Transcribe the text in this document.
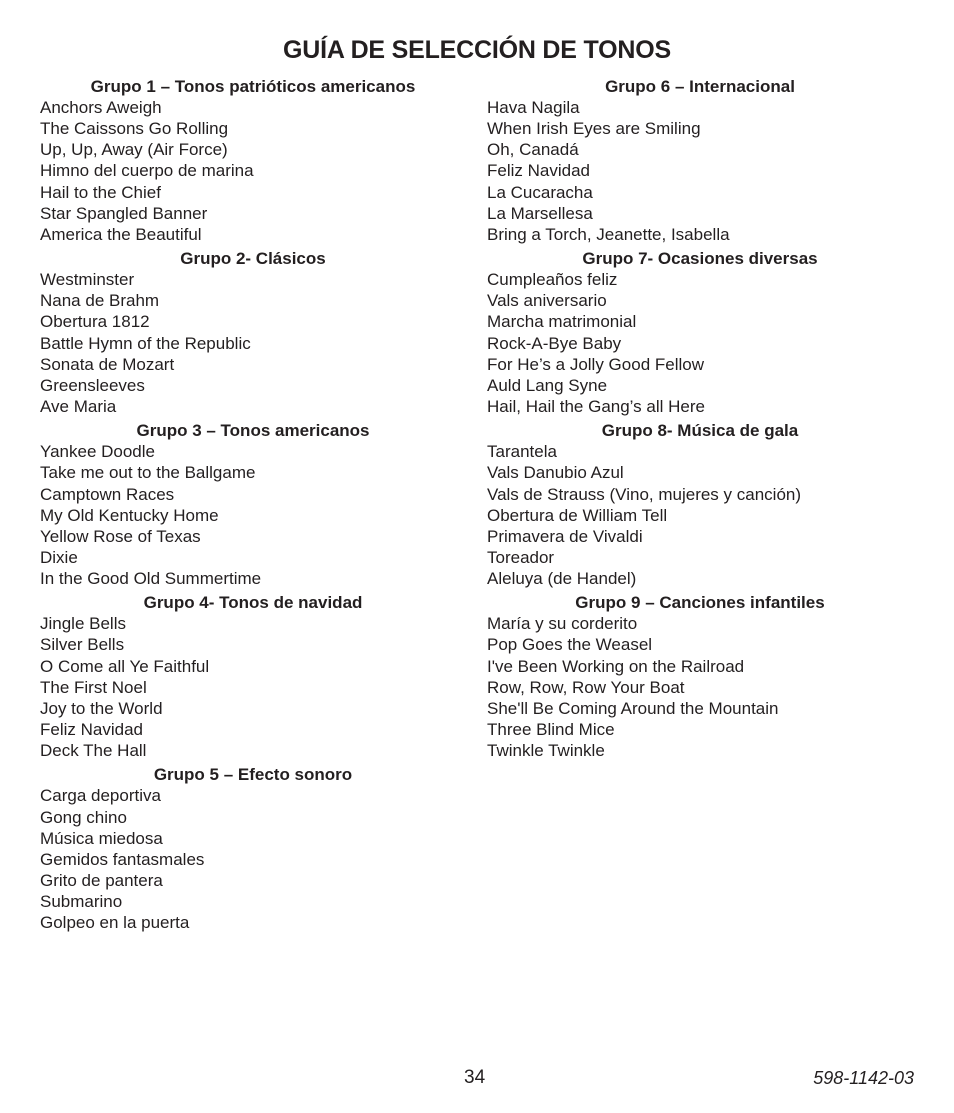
GUÍA DE SELECCIÓN DE TONOS
Grupo 1 – Tonos patrióticos americanos
Anchors Aweigh
The Caissons Go Rolling
Up, Up, Away (Air Force)
Himno del cuerpo de marina
Hail to the Chief
Star Spangled Banner
America the Beautiful
Grupo 2- Clásicos
Westminster
Nana de Brahm
Obertura 1812
Battle Hymn of the Republic
Sonata de Mozart
Greensleeves
Ave Maria
Grupo 3 – Tonos americanos
Yankee Doodle
Take me out to the Ballgame
Camptown Races
My Old Kentucky Home
Yellow Rose of Texas
Dixie
In the Good Old Summertime
Grupo 4- Tonos de navidad
Jingle Bells
Silver Bells
O Come all Ye Faithful
The First Noel
Joy to the World
Feliz Navidad
Deck The Hall
Grupo 5 – Efecto sonoro
Carga deportiva
Gong chino
Música miedosa
Gemidos fantasmales
Grito de pantera
Submarino
Golpeo en la puerta
Grupo 6 – Internacional
Hava Nagila
When Irish Eyes are Smiling
Oh, Canadá
Feliz Navidad
La Cucaracha
La Marsellesa
Bring a Torch, Jeanette, Isabella
Grupo 7- Ocasiones diversas
Cumpleaños feliz
Vals aniversario
Marcha matrimonial
Rock-A-Bye Baby
For He’s a Jolly Good Fellow
Auld Lang Syne
Hail, Hail the Gang’s all Here
Grupo 8- Música de gala
Tarantela
Vals Danubio Azul
Vals de Strauss (Vino, mujeres y canción)
Obertura de William Tell
Primavera de Vivaldi
Toreador
Aleluya (de Handel)
Grupo 9 – Canciones infantiles
María y su corderito
Pop Goes the Weasel
I've Been Working on the Railroad
Row, Row, Row Your Boat
She'll Be Coming Around the Mountain
Three Blind Mice
Twinkle Twinkle
34	598-1142-03
